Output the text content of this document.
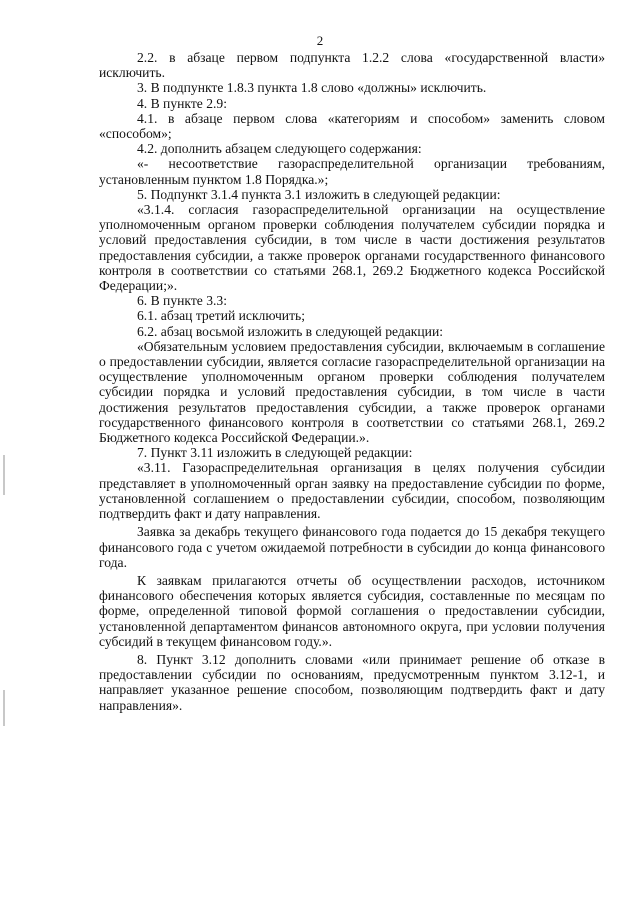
2

2.2. в абзаце первом подпункта 1.2.2 слова «государственной власти» исключить.

3. В подпункте 1.8.3 пункта 1.8 слово «должны» исключить.

4. В пункте 2.9:

4.1. в абзаце первом слова «категориям и способом» заменить словом «способом»;

4.2. дополнить абзацем следующего содержания:

«- несоответствие газораспределительной организации требованиям, установленным пунктом 1.8 Порядка.»;

5. Подпункт 3.1.4 пункта 3.1 изложить в следующей редакции:

«3.1.4. согласия газораспределительной организации на осуществление уполномоченным органом проверки соблюдения получателем субсидии порядка и условий предоставления субсидии, в том числе в части достижения результатов предоставления субсидии, а также проверок органами государственного финансового контроля в соответствии со статьями 268.1, 269.2 Бюджетного кодекса Российской Федерации;».

6. В пункте 3.3:

6.1. абзац третий исключить;

6.2. абзац восьмой изложить в следующей редакции:

«Обязательным условием предоставления субсидии, включаемым в соглашение о предоставлении субсидии, является согласие газораспределительной организации на осуществление уполномоченным органом проверки соблюдения получателем субсидии порядка и условий предоставления субсидии, в том числе в части достижения результатов предоставления субсидии, а также проверок органами государственного финансового контроля в соответствии со статьями 268.1, 269.2 Бюджетного кодекса Российской Федерации.».

7. Пункт 3.11 изложить в следующей редакции:

«3.11. Газораспределительная организация в целях получения субсидии представляет в уполномоченный орган заявку на предоставление субсидии по форме, установленной соглашением о предоставлении субсидии, способом, позволяющим подтвердить факт и дату направления.

Заявка за декабрь текущего финансового года подается до 15 декабря текущего финансового года с учетом ожидаемой потребности в субсидии до конца финансового года.

К заявкам прилагаются отчеты об осуществлении расходов, источником финансового обеспечения которых является субсидия, составленные по месяцам по форме, определенной типовой формой соглашения о предоставлении субсидии, установленной департаментом финансов автономного округа, при условии получения субсидий в текущем финансовом году.».

8. Пункт 3.12 дополнить словами «или принимает решение об отказе в предоставлении субсидии по основаниям, предусмотренным пунктом 3.12-1, и направляет указанное решение способом, позволяющим подтвердить факт и дату направления».
